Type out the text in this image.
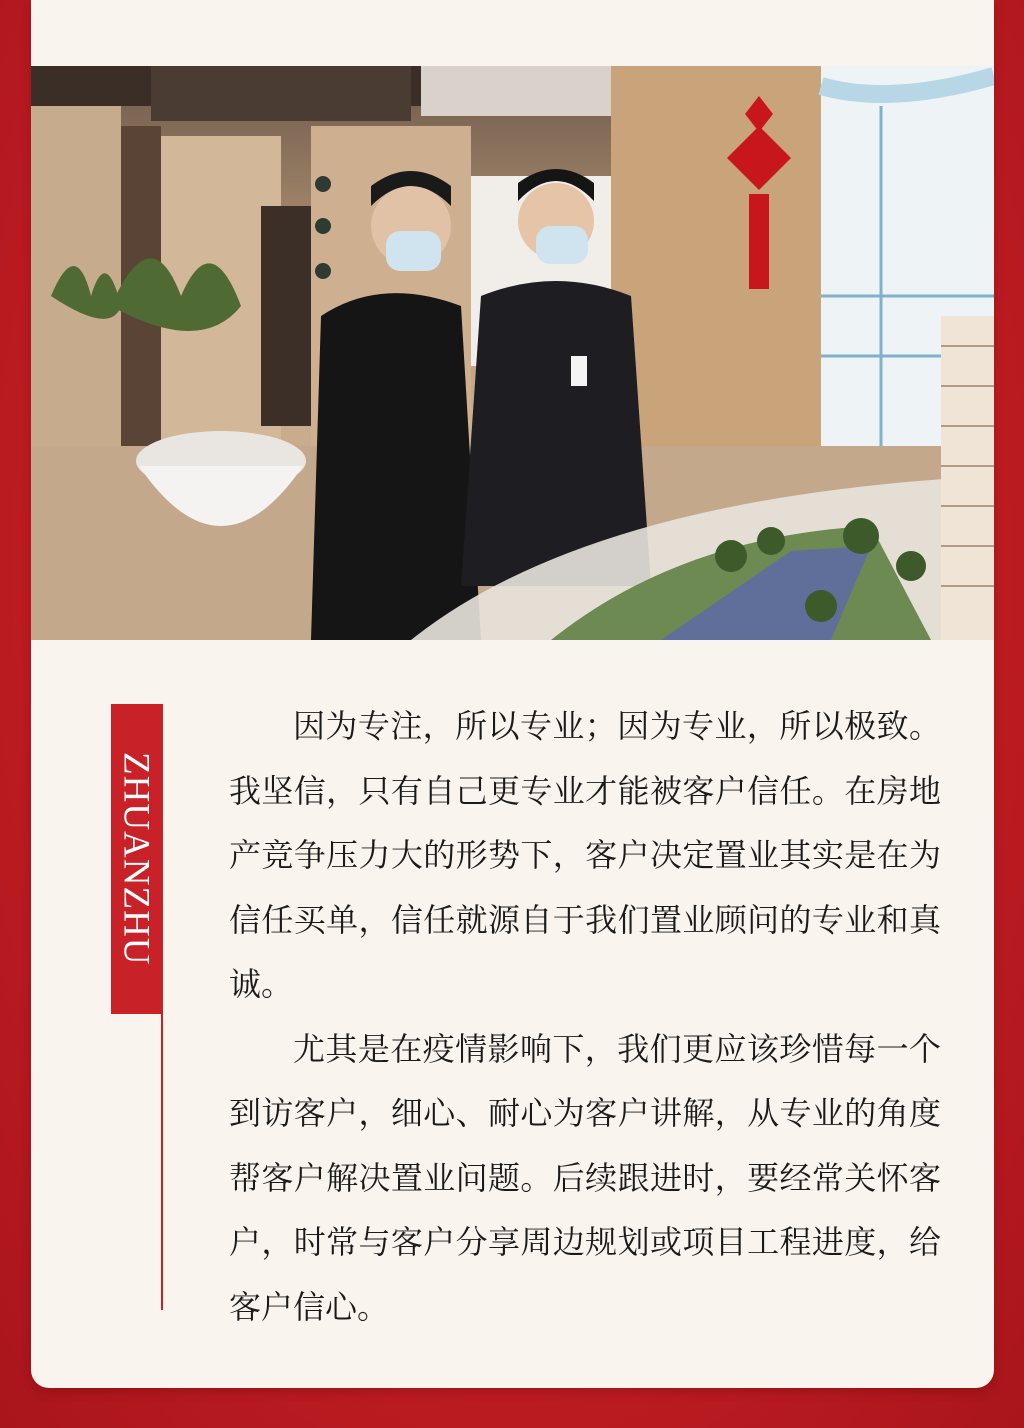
ZHUANZHU

因为专注，所以专业；因为专业，所以极致。我坚信，只有自己更专业才能被客户信任。在房地产竞争压力大的形势下，客户决定置业其实是在为信任买单，信任就源自于我们置业顾问的专业和真诚。

尤其是在疫情影响下，我们更应该珍惜每一个到访客户，细心、耐心为客户讲解，从专业的角度帮客户解决置业问题。后续跟进时，要经常关怀客户，时常与客户分享周边规划或项目工程进度，给客户信心。
